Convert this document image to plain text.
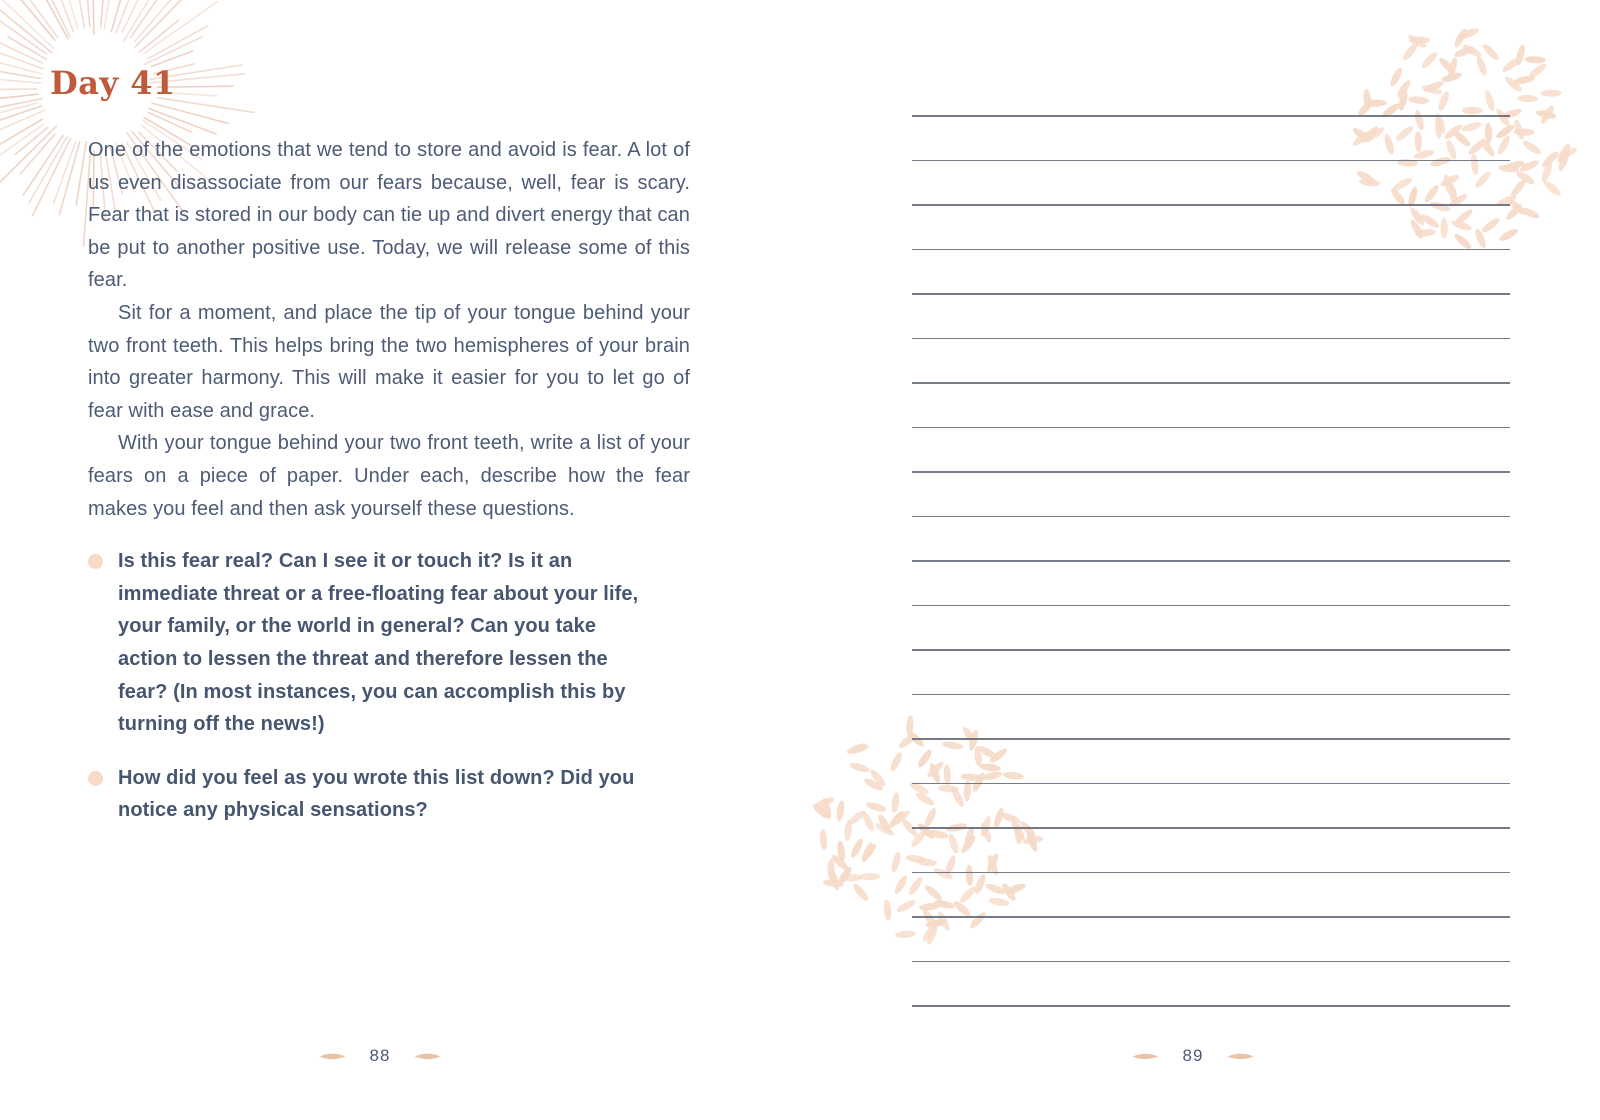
Day 41

One of the emotions that we tend to store and avoid is fear. A lot of us even disassociate from our fears because, well, fear is scary. Fear that is stored in our body can tie up and divert energy that can be put to another positive use. Today, we will release some of this fear.

Sit for a moment, and place the tip of your tongue behind your two front teeth. This helps bring the two hemispheres of your brain into greater harmony. This will make it easier for you to let go of fear with ease and grace.

With your tongue behind your two front teeth, write a list of your fears on a piece of paper. Under each, describe how the fear makes you feel and then ask yourself these questions.

Is this fear real? Can I see it or touch it? Is it an immediate threat or a free-floating fear about your life, your family, or the world in general? Can you take action to lessen the threat and therefore lessen the fear? (In most instances, you can accomplish this by turning off the news!)
How did you feel as you wrote this list down? Did you notice any physical sensations?
88	89
